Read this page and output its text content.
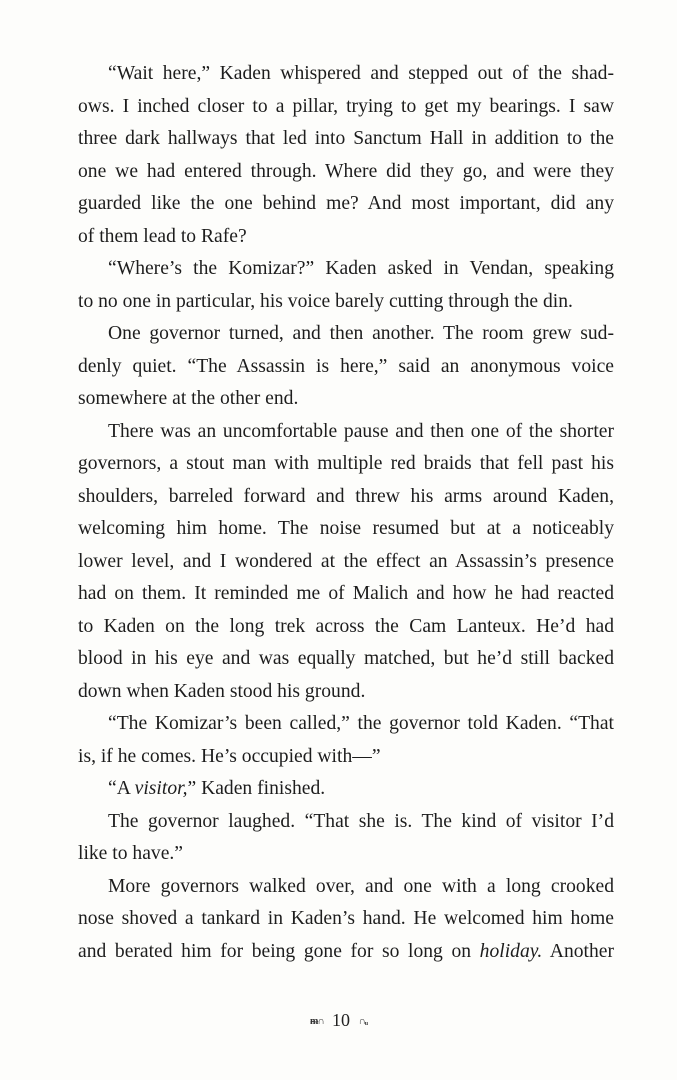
“Wait here,” Kaden whispered and stepped out of the shad-
ows. I inched closer to a pillar, trying to get my bearings. I saw
three dark hallways that led into Sanctum Hall in addition to the
one we had entered through. Where did they go, and were they
guarded like the one behind me? And most important, did any
of them lead to Rafe?
“Where’s the Komizar?” Kaden asked in Vendan, speaking
to no one in particular, his voice barely cutting through the din.
One governor turned, and then another. The room grew sud-
denly quiet. “The Assassin is here,” said an anonymous voice
somewhere at the other end.
There was an uncomfortable pause and then one of the shorter
governors, a stout man with multiple red braids that fell past his
shoulders, barreled forward and threw his arms around Kaden,
welcoming him home. The noise resumed but at a noticeably
lower level, and I wondered at the effect an Assassin’s presence
had on them. It reminded me of Malich and how he had reacted
to Kaden on the long trek across the Cam Lanteux. He’d had
blood in his eye and was equally matched, but he’d still backed
down when Kaden stood his ground.
“The Komizar’s been called,” the governor told Kaden. “That
is, if he comes. He’s occupied with—”
“A visitor,” Kaden finished.
The governor laughed. “That she is. The kind of visitor I’d
like to have.”
More governors walked over, and one with a long crooked
nose shoved a tankard in Kaden’s hand. He welcomed him home
and berated him for being gone for so long on holiday. Another
ᵯ∩ 10 ∩ᵤ
